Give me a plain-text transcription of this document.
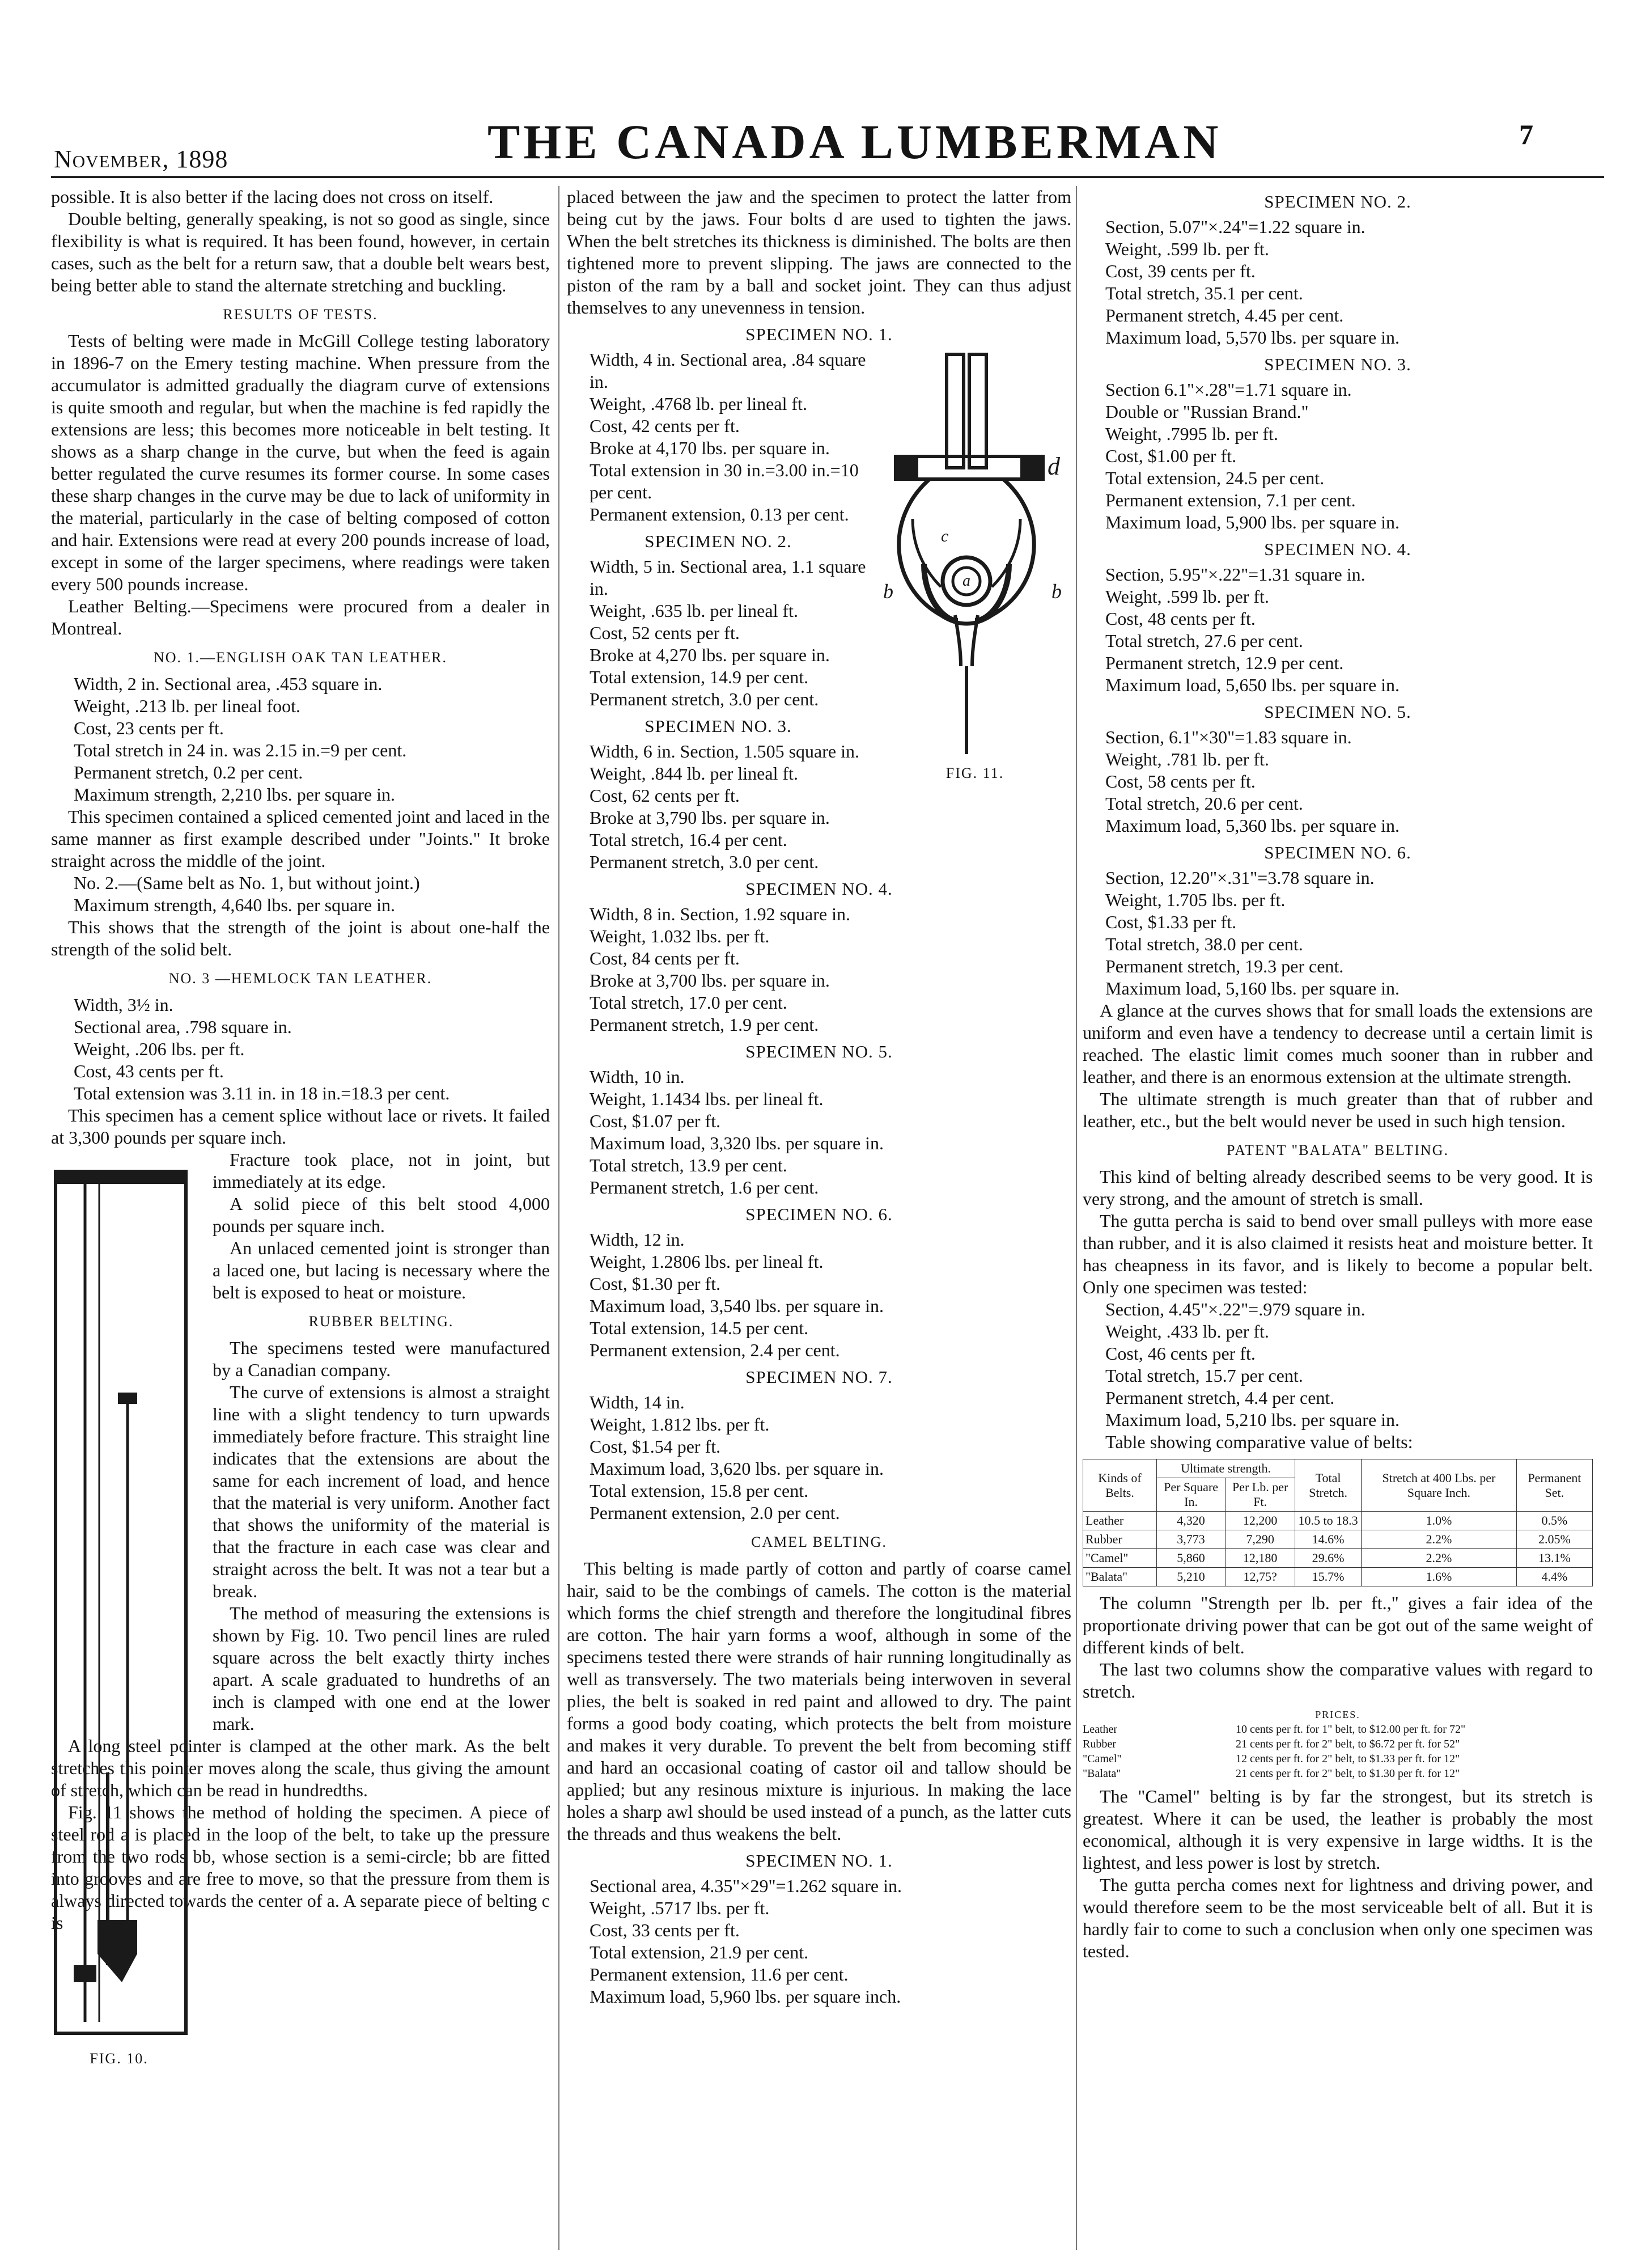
November, 1898	THE CANADA LUMBERMAN	7

possible. It is also better if the lacing does not cross on itself.

Double belting, generally speaking, is not so good as single, since flexibility is what is required. It has been found, however, in certain cases, such as the belt for a return saw, that a double belt wears best, being better able to stand the alternate stretching and buckling.

RESULTS OF TESTS.

Tests of belting were made in McGill College testing laboratory in 1896-7 on the Emery testing machine. When pressure from the accumulator is admitted gradually the diagram curve of extensions is quite smooth and regular, but when the machine is fed rapidly the extensions are less; this becomes more noticeable in belt testing. It shows as a sharp change in the curve, but when the feed is again better regulated the curve resumes its former course. In some cases these sharp changes in the curve may be due to lack of uniformity in the material, particularly in the case of belting composed of cotton and hair. Extensions were read at every 200 pounds increase of load, except in some of the larger specimens, where readings were taken every 500 pounds increase.

Leather Belting.—Specimens were procured from a dealer in Montreal.

NO. 1.—ENGLISH OAK TAN LEATHER.
Width, 2 in. Sectional area, .453 square in.
Weight, .213 lb. per lineal foot.
Cost, 23 cents per ft.
Total stretch in 24 in. was 2.15 in.=9 per cent.
Permanent stretch, 0.2 per cent.
Maximum strength, 2,210 lbs. per square in.

This specimen contained a spliced cemented joint and laced in the same manner as first example described under "Joints." It broke straight across the middle of the joint.

No. 2.—(Same belt as No. 1, but without joint.)
Maximum strength, 4,640 lbs. per square in.

This shows that the strength of the joint is about one-half the strength of the solid belt.

NO. 3 —HEMLOCK TAN LEATHER.
Width, 3½ in.
Sectional area, .798 square in.
Weight, .206 lbs. per ft.
Cost, 43 cents per ft.
Total extension was 3.11 in. in 18 in.=18.3 per cent.

This specimen has a cement splice without lace or rivets. It failed at 3,300 pounds per square inch.

FIG. 10.

Fracture took place, not in joint, but immediately at its edge.

A solid piece of this belt stood 4,000 pounds per square inch.

An unlaced cemented joint is stronger than a laced one, but lacing is necessary where the belt is exposed to heat or moisture.

RUBBER BELTING.

The specimens tested were manufactured by a Canadian company.

The curve of extensions is almost a straight line with a slight tendency to turn upwards immediately before fracture. This straight line indicates that the extensions are about the same for each increment of load, and hence that the material is very uniform. Another fact that shows the uniformity of the material is that the fracture in each case was clear and straight across the belt. It was not a tear but a break.

The method of measuring the extensions is shown by Fig. 10. Two pencil lines are ruled square across the belt exactly thirty inches apart. A scale graduated to hundreths of an inch is clamped with one end at the lower mark.

A long steel pointer is clamped at the other mark. As the belt stretches this pointer moves along the scale, thus giving the amount of stretch, which can be read in hundredths.

Fig. 11 shows the method of holding the specimen. A piece of steel rod a is placed in the loop of the belt, to take up the pressure from the two rods bb, whose section is a semi-circle; bb are fitted into grooves and are free to move, so that the pressure from them is always directed towards the center of a. A separate piece of belting c is

placed between the jaw and the specimen to protect the latter from being cut by the jaws. Four bolts d are used to tighten the jaws. When the belt stretches its thickness is diminished. The bolts are then tightened more to prevent slipping. The jaws are connected to the piston of the ram by a ball and socket joint. They can thus adjust themselves to any unevenness in tension.

SPECIMEN NO. 1.
d
a
b	b
c
FIG. 11.
Width, 4 in. Sectional area, .84 square in.
Weight, .4768 lb. per lineal ft.
Cost, 42 cents per ft.
Broke at 4,170 lbs. per square in.
Total extension in 30 in.=3.00 in.=10 per cent.
Permanent extension, 0.13 per cent.
SPECIMEN NO. 2.
Width, 5 in. Sectional area, 1.1 square in.
Weight, .635 lb. per lineal ft.
Cost, 52 cents per ft.
Broke at 4,270 lbs. per square in.
Total extension, 14.9 per cent.
Permanent stretch, 3.0 per cent.
SPECIMEN NO. 3.
Width, 6 in. Section, 1.505 square in.
Weight, .844 lb. per lineal ft.
Cost, 62 cents per ft.
Broke at 3,790 lbs. per square in.
Total stretch, 16.4 per cent.
Permanent stretch, 3.0 per cent.
SPECIMEN NO. 4.
Width, 8 in. Section, 1.92 square in.
Weight, 1.032 lbs. per ft.
Cost, 84 cents per ft.
Broke at 3,700 lbs. per square in.
Total stretch, 17.0 per cent.
Permanent stretch, 1.9 per cent.
SPECIMEN NO. 5.
Width, 10 in.
Weight, 1.1434 lbs. per lineal ft.
Cost, $1.07 per ft.
Maximum load, 3,320 lbs. per square in.
Total stretch, 13.9 per cent.
Permanent stretch, 1.6 per cent.
SPECIMEN NO. 6.
Width, 12 in.
Weight, 1.2806 lbs. per lineal ft.
Cost, $1.30 per ft.
Maximum load, 3,540 lbs. per square in.
Total extension, 14.5 per cent.
Permanent extension, 2.4 per cent.
SPECIMEN NO. 7.
Width, 14 in.
Weight, 1.812 lbs. per ft.
Cost, $1.54 per ft.
Maximum load, 3,620 lbs. per square in.
Total extension, 15.8 per cent.
Permanent extension, 2.0 per cent.
CAMEL BELTING.

This belting is made partly of cotton and partly of coarse camel hair, said to be the combings of camels. The cotton is the material which forms the chief strength and therefore the longitudinal fibres are cotton. The hair yarn forms a woof, although in some of the specimens tested there were strands of hair running longitudinally as well as transversely. The two materials being interwoven in several plies, the belt is soaked in red paint and allowed to dry. The paint forms a good body coating, which protects the belt from moisture and makes it very durable. To prevent the belt from becoming stiff and hard an occasional coating of castor oil and tallow should be applied; but any resinous mixture is injurious. In making the lace holes a sharp awl should be used instead of a punch, as the latter cuts the threads and thus weakens the belt.

SPECIMEN NO. 1.
Sectional area, 4.35"×29"=1.262 square in.
Weight, .5717 lbs. per ft.
Cost, 33 cents per ft.
Total extension, 21.9 per cent.
Permanent extension, 11.6 per cent.
Maximum load, 5,960 lbs. per square inch.
SPECIMEN NO. 2.
Section, 5.07"×.24"=1.22 square in.
Weight, .599 lb. per ft.
Cost, 39 cents per ft.
Total stretch, 35.1 per cent.
Permanent stretch, 4.45 per cent.
Maximum load, 5,570 lbs. per square in.
SPECIMEN NO. 3.
Section 6.1"×.28"=1.71 square in.
Double or "Russian Brand."
Weight, .7995 lb. per ft.
Cost, $1.00 per ft.
Total extension, 24.5 per cent.
Permanent extension, 7.1 per cent.
Maximum load, 5,900 lbs. per square in.
SPECIMEN NO. 4.
Section, 5.95"×.22"=1.31 square in.
Weight, .599 lb. per ft.
Cost, 48 cents per ft.
Total stretch, 27.6 per cent.
Permanent stretch, 12.9 per cent.
Maximum load, 5,650 lbs. per square in.
SPECIMEN NO. 5.
Section, 6.1"×30"=1.83 square in.
Weight, .781 lb. per ft.
Cost, 58 cents per ft.
Total stretch, 20.6 per cent.
Maximum load, 5,360 lbs. per square in.
SPECIMEN NO. 6.
Section, 12.20"×.31"=3.78 square in.
Weight, 1.705 lbs. per ft.
Cost, $1.33 per ft.
Total stretch, 38.0 per cent.
Permanent stretch, 19.3 per cent.
Maximum load, 5,160 lbs. per square in.

A glance at the curves shows that for small loads the extensions are uniform and even have a tendency to decrease until a certain limit is reached. The elastic limit comes much sooner than in rubber and leather, and there is an enormous extension at the ultimate strength.

The ultimate strength is much greater than that of rubber and leather, etc., but the belt would never be used in such high tension.

PATENT "BALATA" BELTING.

This kind of belting already described seems to be very good. It is very strong, and the amount of stretch is small.

The gutta percha is said to bend over small pulleys with more ease than rubber, and it is also claimed it resists heat and moisture better. It has cheapness in its favor, and is likely to become a popular belt. Only one specimen was tested:

Section, 4.45"×.22"=.979 square in.
Weight, .433 lb. per ft.
Cost, 46 cents per ft.
Total stretch, 15.7 per cent.
Permanent stretch, 4.4 per cent.
Maximum load, 5,210 lbs. per square in.
Table showing comparative value of belts:
Kinds of Belts.	Ultimate strength.		Total Stretch.	Stretch at 400 Lbs. per Square Inch.	Permanent Set.
	Per Square In.	Per Lb. per Ft.			
Leather	4,320	12,200	10.5 to 18.3	1.0%	0.5%
Rubber	3,773	7,290	14.6%	2.2%	2.05%
"Camel"	5,860	12,180	29.6%	2.2%	13.1%
"Balata"	5,210	12,75?	15.7%	1.6%	4.4%

The column "Strength per lb. per ft.," gives a fair idea of the proportionate driving power that can be got out of the same weight of different kinds of belt.

The last two columns show the comparative values with regard to stretch.

PRICES.
Leather	10 cents per ft. for 1" belt, to $12.00 per ft. for 72"
Rubber	21 cents per ft. for 2" belt, to $6.72 per ft. for 52"
"Camel"	12 cents per ft. for 2" belt, to $1.33 per ft. for 12"
"Balata"	21 cents per ft. for 2" belt, to $1.30 per ft. for 12"

The "Camel" belting is by far the strongest, but its stretch is greatest. Where it can be used, the leather is probably the most economical, although it is very expensive in large widths. It is the lightest, and less power is lost by stretch.

The gutta percha comes next for lightness and driving power, and would therefore seem to be the most serviceable belt of all. But it is hardly fair to come to such a conclusion when only one specimen was tested.
